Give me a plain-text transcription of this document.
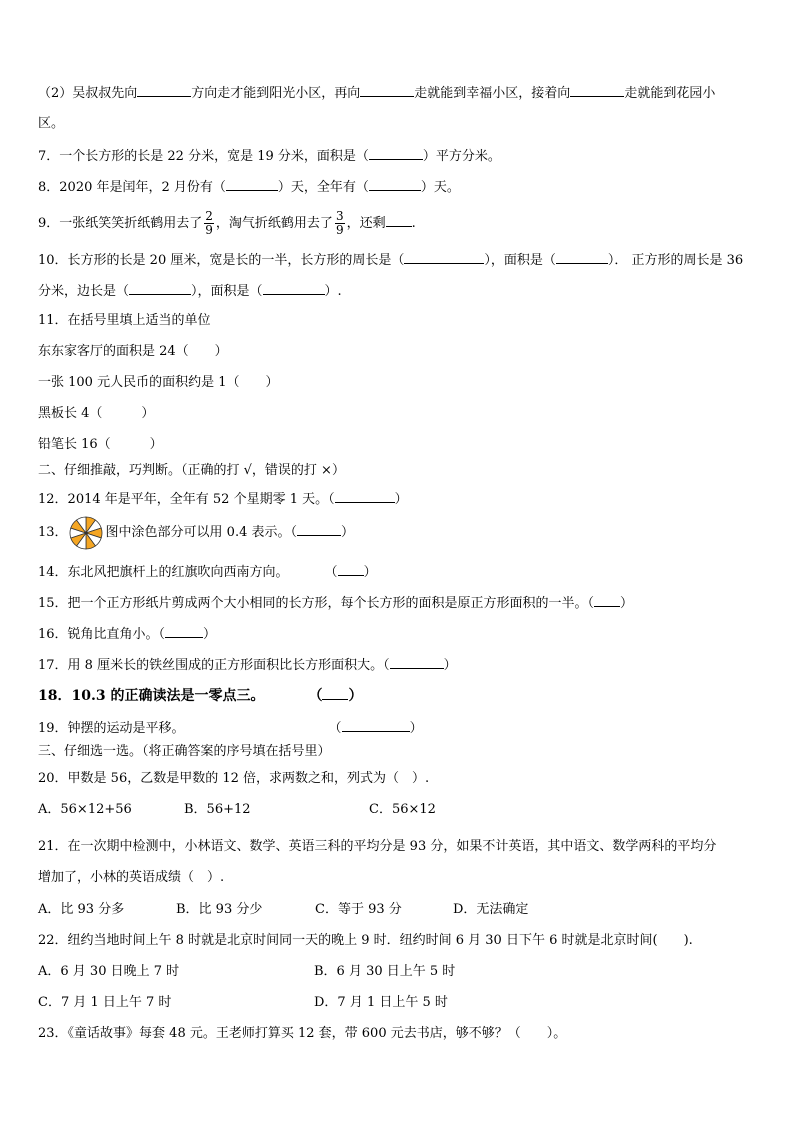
（2）吴叔叔先向	方向走才能到阳光小区，再向	走就能到幸福小区，接着向	走就能到花园小
区。
7．一个长方形的长是 22 分米，宽是 19 分米，面积是（	）平方分米。
8．2020 年是闰年，2 月份有（	）天，全年有（	）天。
9．一张纸笑笑折纸鹤用去了 $\frac{2}{9}$ ，淘气折纸鹤用去了 $\frac{3}{9}$ ，还剩 .
10．长方形的长是 20 厘米，宽是长的一半，长方形的周长是（	），面积是（	）． 正方形的周长是 36
分米，边长是（	），面积是（	）.
11．在括号里填上适当的单位
东东家客厅的面积是 24（　　）
一张 100 元人民币的面积约是 1（　　）
黑板长 4（　　　）
铅笔长 16（　　　）
二、仔细推敲，巧判断。（正确的打 √，错误的打 ×）
12．2014 年是平年，全年有 52 个星期零 1 天。（	）
13．	图中涂色部分可以用 0.4 表示。（	）
14．东北风把旗杆上的红旗吹向西南方向。	（ ）
15．把一个正方形纸片剪成两个大小相同的长方形，每个长方形的面积是原正方形面积的一半。（ ）
16．锐角比直角小。（	）
17．用 8 厘米长的铁丝围成的正方形面积比长方形面积大。（	）
18．10.3 的正确读法是一零点三。	（ ）
19．钟摆的运动是平移。	（	）
三、仔细选一选。（将正确答案的序号填在括号里）
20．甲数是 56，乙数是甲数的 12 倍，求两数之和，列式为（　）.
A．56×12+56	B．56+12	C．56×12
21．在一次期中检测中，小林语文、数学、英语三科的平均分是 93 分，如果不计英语，其中语文、数学两科的平均分
增加了，小林的英语成绩（　）.
A．比 93 分多	B．比 93 分少	C．等于 93 分	D．无法确定
22．纽约当地时间上午 8 时就是北京时间同一天的晚上 9 时．纽约时间 6 月 30 日下午 6 时就是北京时间(　　).
A．6 月 30 日晚上 7 时	B．6 月 30 日上午 5 时
C．7 月 1 日上午 7 时	D．7 月 1 日上午 5 时
23．《童话故事》每套 48 元。王老师打算买 12 套，带 600 元去书店，够不够？（　　）。
